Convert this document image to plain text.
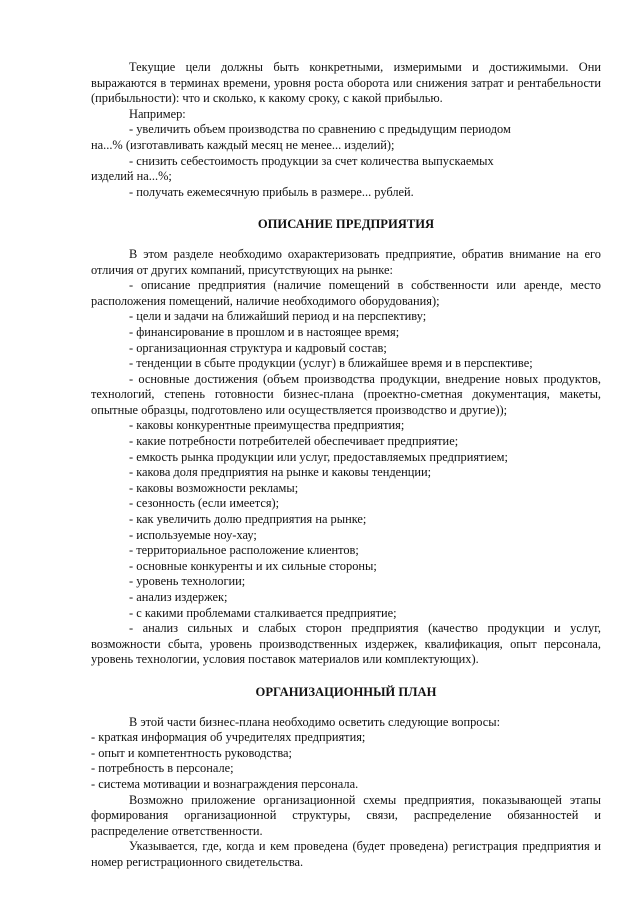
Текущие цели должны быть конкретными, измеримыми и достижимыми. Они выражаются в терминах времени, уровня роста оборота или снижения затрат и рентабельности (прибыльности): что и сколько, к какому сроку, с какой прибылью.

Например:

- увеличить объем производства по сравнению с предыдущим периодом

на...% (изготавливать каждый месяц не менее... изделий);

- снизить себестоимость продукции за счет количества выпускаемых

изделий на...%;

- получать ежемесячную прибыль в размере... рублей.

ОПИСАНИЕ ПРЕДПРИЯТИЯ

В этом разделе необходимо охарактеризовать предприятие, обратив внимание на его отличия от других компаний, присутствующих на рынке:

- описание предприятия (наличие помещений в собственности или аренде, место расположения помещений, наличие необходимого оборудования);

- цели и задачи на ближайший период и на перспективу;

- финансирование в прошлом и в настоящее время;

- организационная структура и кадровый состав;

- тенденции в сбыте продукции (услуг) в ближайшее время и в перспективе;

- основные достижения (объем производства продукции, внедрение новых продуктов, технологий, степень готовности бизнес-плана (проектно-сметная документация, макеты, опытные образцы, подготовлено или осуществляется производство и другие));

- каковы конкурентные преимущества предприятия;

- какие потребности потребителей обеспечивает предприятие;

- емкость рынка продукции или услуг, предоставляемых предприятием;

- какова доля предприятия на рынке и каковы тенденции;

- каковы возможности рекламы;

- сезонность (если имеется);

- как увеличить долю предприятия на рынке;

- используемые ноу-хау;

- территориальное расположение клиентов;

- основные конкуренты и их сильные стороны;

- уровень технологии;

- анализ издержек;

- с какими проблемами сталкивается предприятие;

- анализ сильных и слабых сторон предприятия (качество продукции и услуг, возможности сбыта, уровень производственных издержек, квалификация, опыт персонала, уровень технологии, условия поставок материалов или комплектующих).

ОРГАНИЗАЦИОННЫЙ ПЛАН

В этой части бизнес-плана необходимо осветить следующие вопросы:

- краткая информация об учредителях предприятия;

- опыт и компетентность руководства;

- потребность в персонале;

- система мотивации и вознаграждения персонала.

Возможно приложение организационной схемы предприятия, показывающей этапы формирования организационной структуры, связи, распределение обязанностей и распределение ответственности.

Указывается, где, когда и кем проведена (будет проведена) регистрация предприятия и номер регистрационного свидетельства.
